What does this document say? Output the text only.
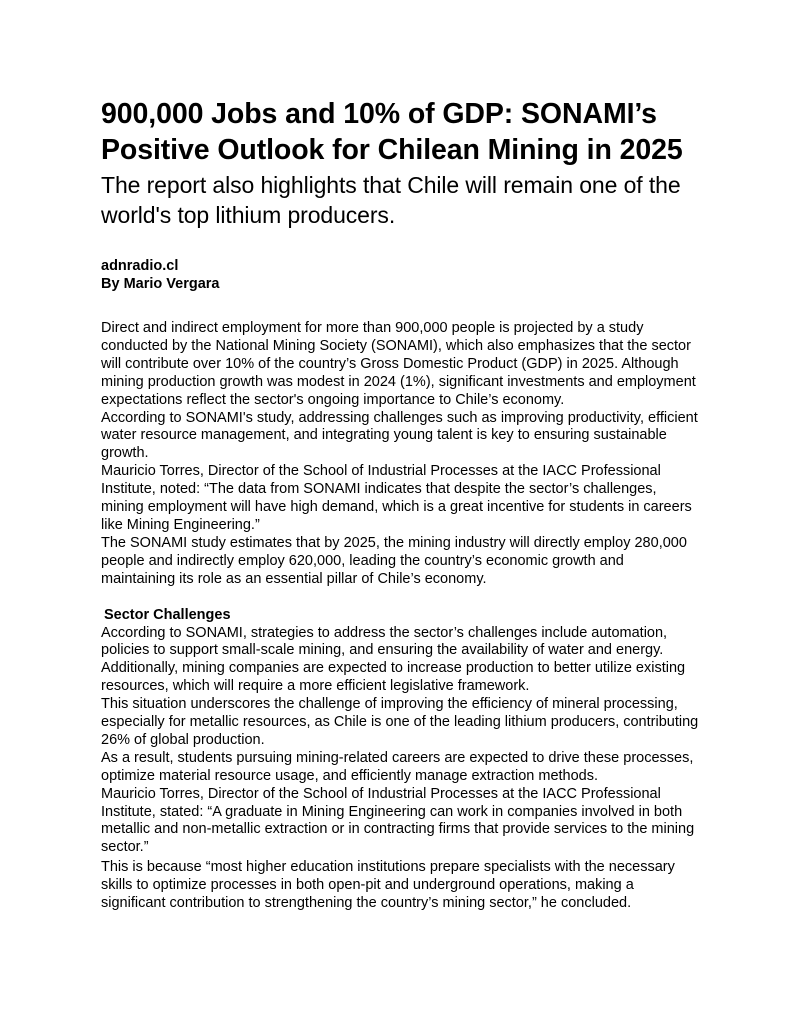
900,000 Jobs and 10% of GDP: SONAMI’s Positive Outlook for Chilean Mining in 2025
The report also highlights that Chile will remain one of the world's top lithium producers.
adnradio.cl
By Mario Vergara

Direct and indirect employment for more than 900,000 people is projected by a study conducted by the National Mining Society (SONAMI), which also emphasizes that the sector will contribute over 10% of the country’s Gross Domestic Product (GDP) in 2025. Although mining production growth was modest in 2024 (1%), significant investments and employment expectations reflect the sector's ongoing importance to Chile’s economy.

According to SONAMI's study, addressing challenges such as improving productivity, efficient water resource management, and integrating young talent is key to ensuring sustainable growth.

Mauricio Torres, Director of the School of Industrial Processes at the IACC Professional Institute, noted: “The data from SONAMI indicates that despite the sector’s challenges, mining employment will have high demand, which is a great incentive for students in careers like Mining Engineering.”

The SONAMI study estimates that by 2025, the mining industry will directly employ 280,000 people and indirectly employ 620,000, leading the country’s economic growth and maintaining its role as an essential pillar of Chile’s economy.

Sector Challenges

According to SONAMI, strategies to address the sector’s challenges include automation, policies to support small-scale mining, and ensuring the availability of water and energy.

Additionally, mining companies are expected to increase production to better utilize existing resources, which will require a more efficient legislative framework.

This situation underscores the challenge of improving the efficiency of mineral processing, especially for metallic resources, as Chile is one of the leading lithium producers, contributing 26% of global production.

As a result, students pursuing mining-related careers are expected to drive these processes, optimize material resource usage, and efficiently manage extraction methods.

Mauricio Torres, Director of the School of Industrial Processes at the IACC Professional Institute, stated: “A graduate in Mining Engineering can work in companies involved in both metallic and non-metallic extraction or in contracting firms that provide services to the mining sector.”

This is because “most higher education institutions prepare specialists with the necessary skills to optimize processes in both open-pit and underground operations, making a significant contribution to strengthening the country’s mining sector,” he concluded.
